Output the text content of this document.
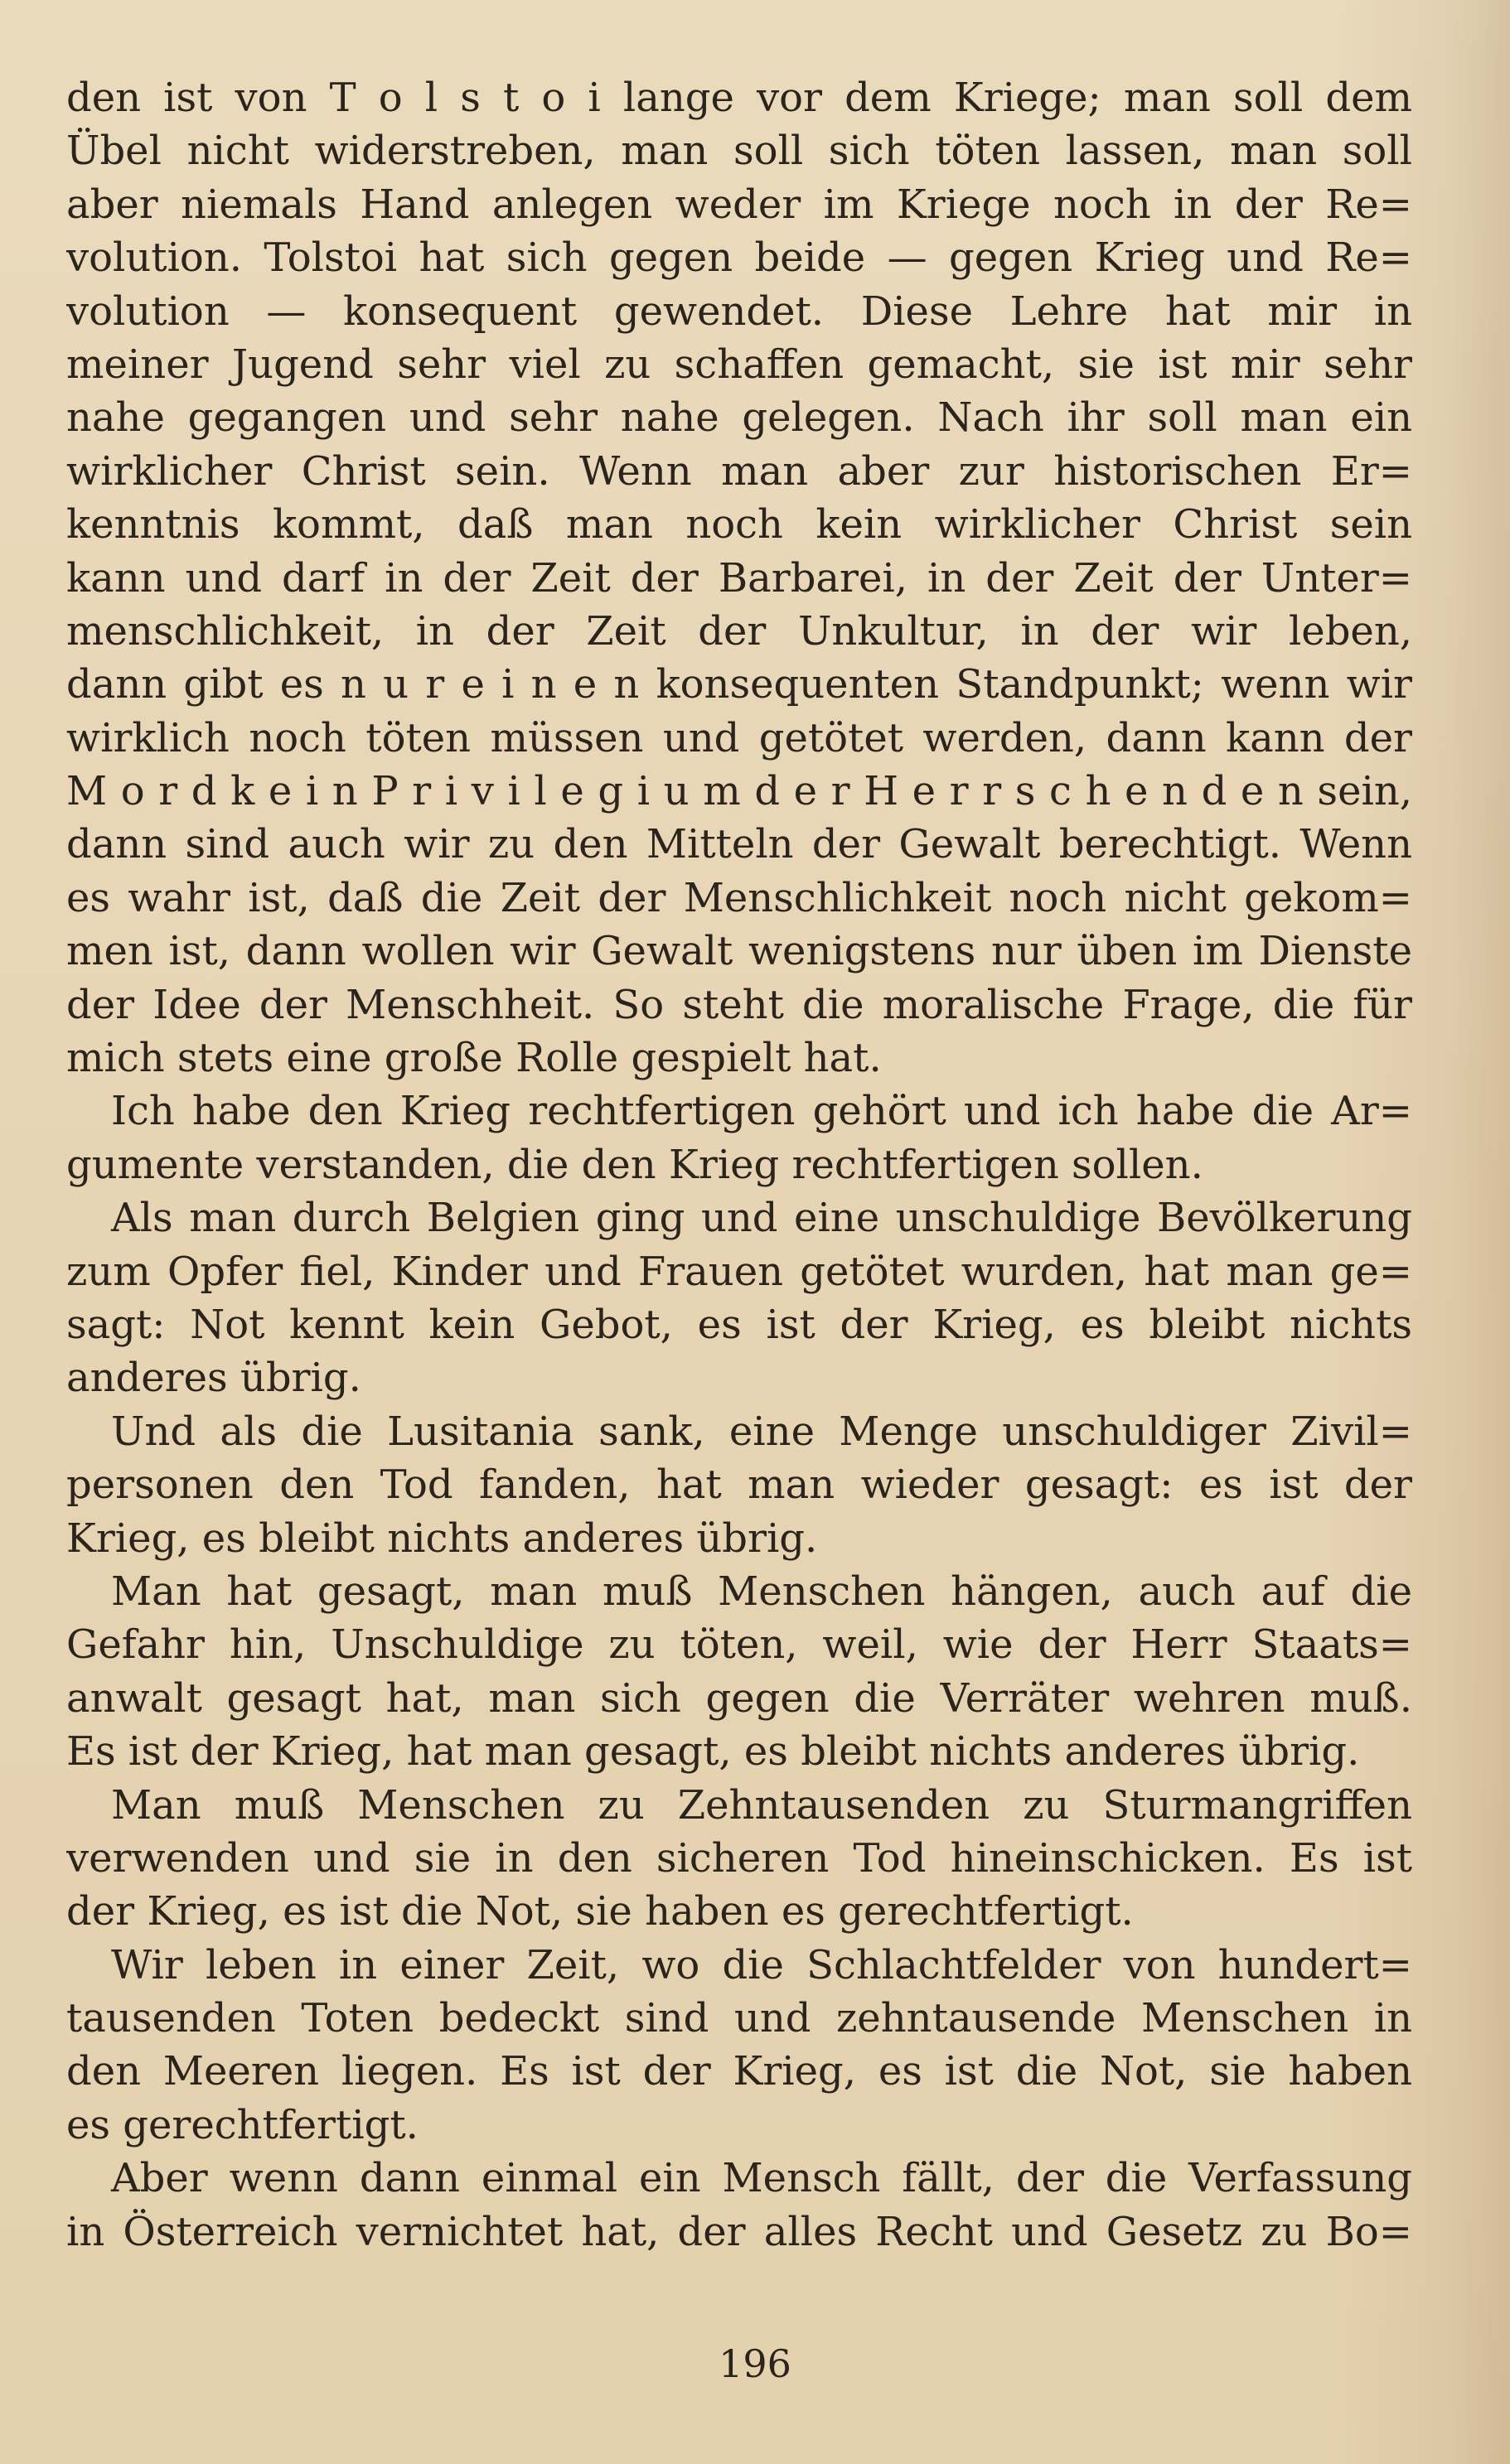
den ist von T o l s t o i lange vor dem Kriege; man soll dem
Übel nicht widerstreben, man soll sich töten lassen, man soll
aber niemals Hand anlegen weder im Kriege noch in der Re=
volution. Tolstoi hat sich gegen beide — gegen Krieg und Re=
volution — konsequent gewendet. Diese Lehre hat mir in
meiner Jugend sehr viel zu schaffen gemacht, sie ist mir sehr
nahe gegangen und sehr nahe gelegen. Nach ihr soll man ein
wirklicher Christ sein. Wenn man aber zur historischen Er=
kenntnis kommt, daß man noch kein wirklicher Christ sein
kann und darf in der Zeit der Barbarei, in der Zeit der Unter=
menschlichkeit, in der Zeit der Unkultur, in der wir leben,
dann gibt es n u r e i n e n konsequenten Standpunkt; wenn wir
wirklich noch töten müssen und getötet werden, dann kann der
M o r d k e i n P r i v i l e g i u m d e r H e r r s c h e n d e n sein,
dann sind auch wir zu den Mitteln der Gewalt berechtigt. Wenn
es wahr ist, daß die Zeit der Menschlichkeit noch nicht gekom=
men ist, dann wollen wir Gewalt wenigstens nur üben im Dienste
der Idee der Menschheit. So steht die moralische Frage, die für
mich stets eine große Rolle gespielt hat.
Ich habe den Krieg rechtfertigen gehört und ich habe die Ar=
gumente verstanden, die den Krieg rechtfertigen sollen.
Als man durch Belgien ging und eine unschuldige Bevölkerung
zum Opfer fiel, Kinder und Frauen getötet wurden, hat man ge=
sagt: Not kennt kein Gebot, es ist der Krieg, es bleibt nichts
anderes übrig.
Und als die Lusitania sank, eine Menge unschuldiger Zivil=
personen den Tod fanden, hat man wieder gesagt: es ist der
Krieg, es bleibt nichts anderes übrig.
Man hat gesagt, man muß Menschen hängen, auch auf die
Gefahr hin, Unschuldige zu töten, weil, wie der Herr Staats=
anwalt gesagt hat, man sich gegen die Verräter wehren muß.
Es ist der Krieg, hat man gesagt, es bleibt nichts anderes übrig.
Man muß Menschen zu Zehntausenden zu Sturmangriffen
verwenden und sie in den sicheren Tod hineinschicken. Es ist
der Krieg, es ist die Not, sie haben es gerechtfertigt.
Wir leben in einer Zeit, wo die Schlachtfelder von hundert=
tausenden Toten bedeckt sind und zehntausende Menschen in
den Meeren liegen. Es ist der Krieg, es ist die Not, sie haben
es gerechtfertigt.
Aber wenn dann einmal ein Mensch fällt, der die Verfassung
in Österreich vernichtet hat, der alles Recht und Gesetz zu Bo=
196
